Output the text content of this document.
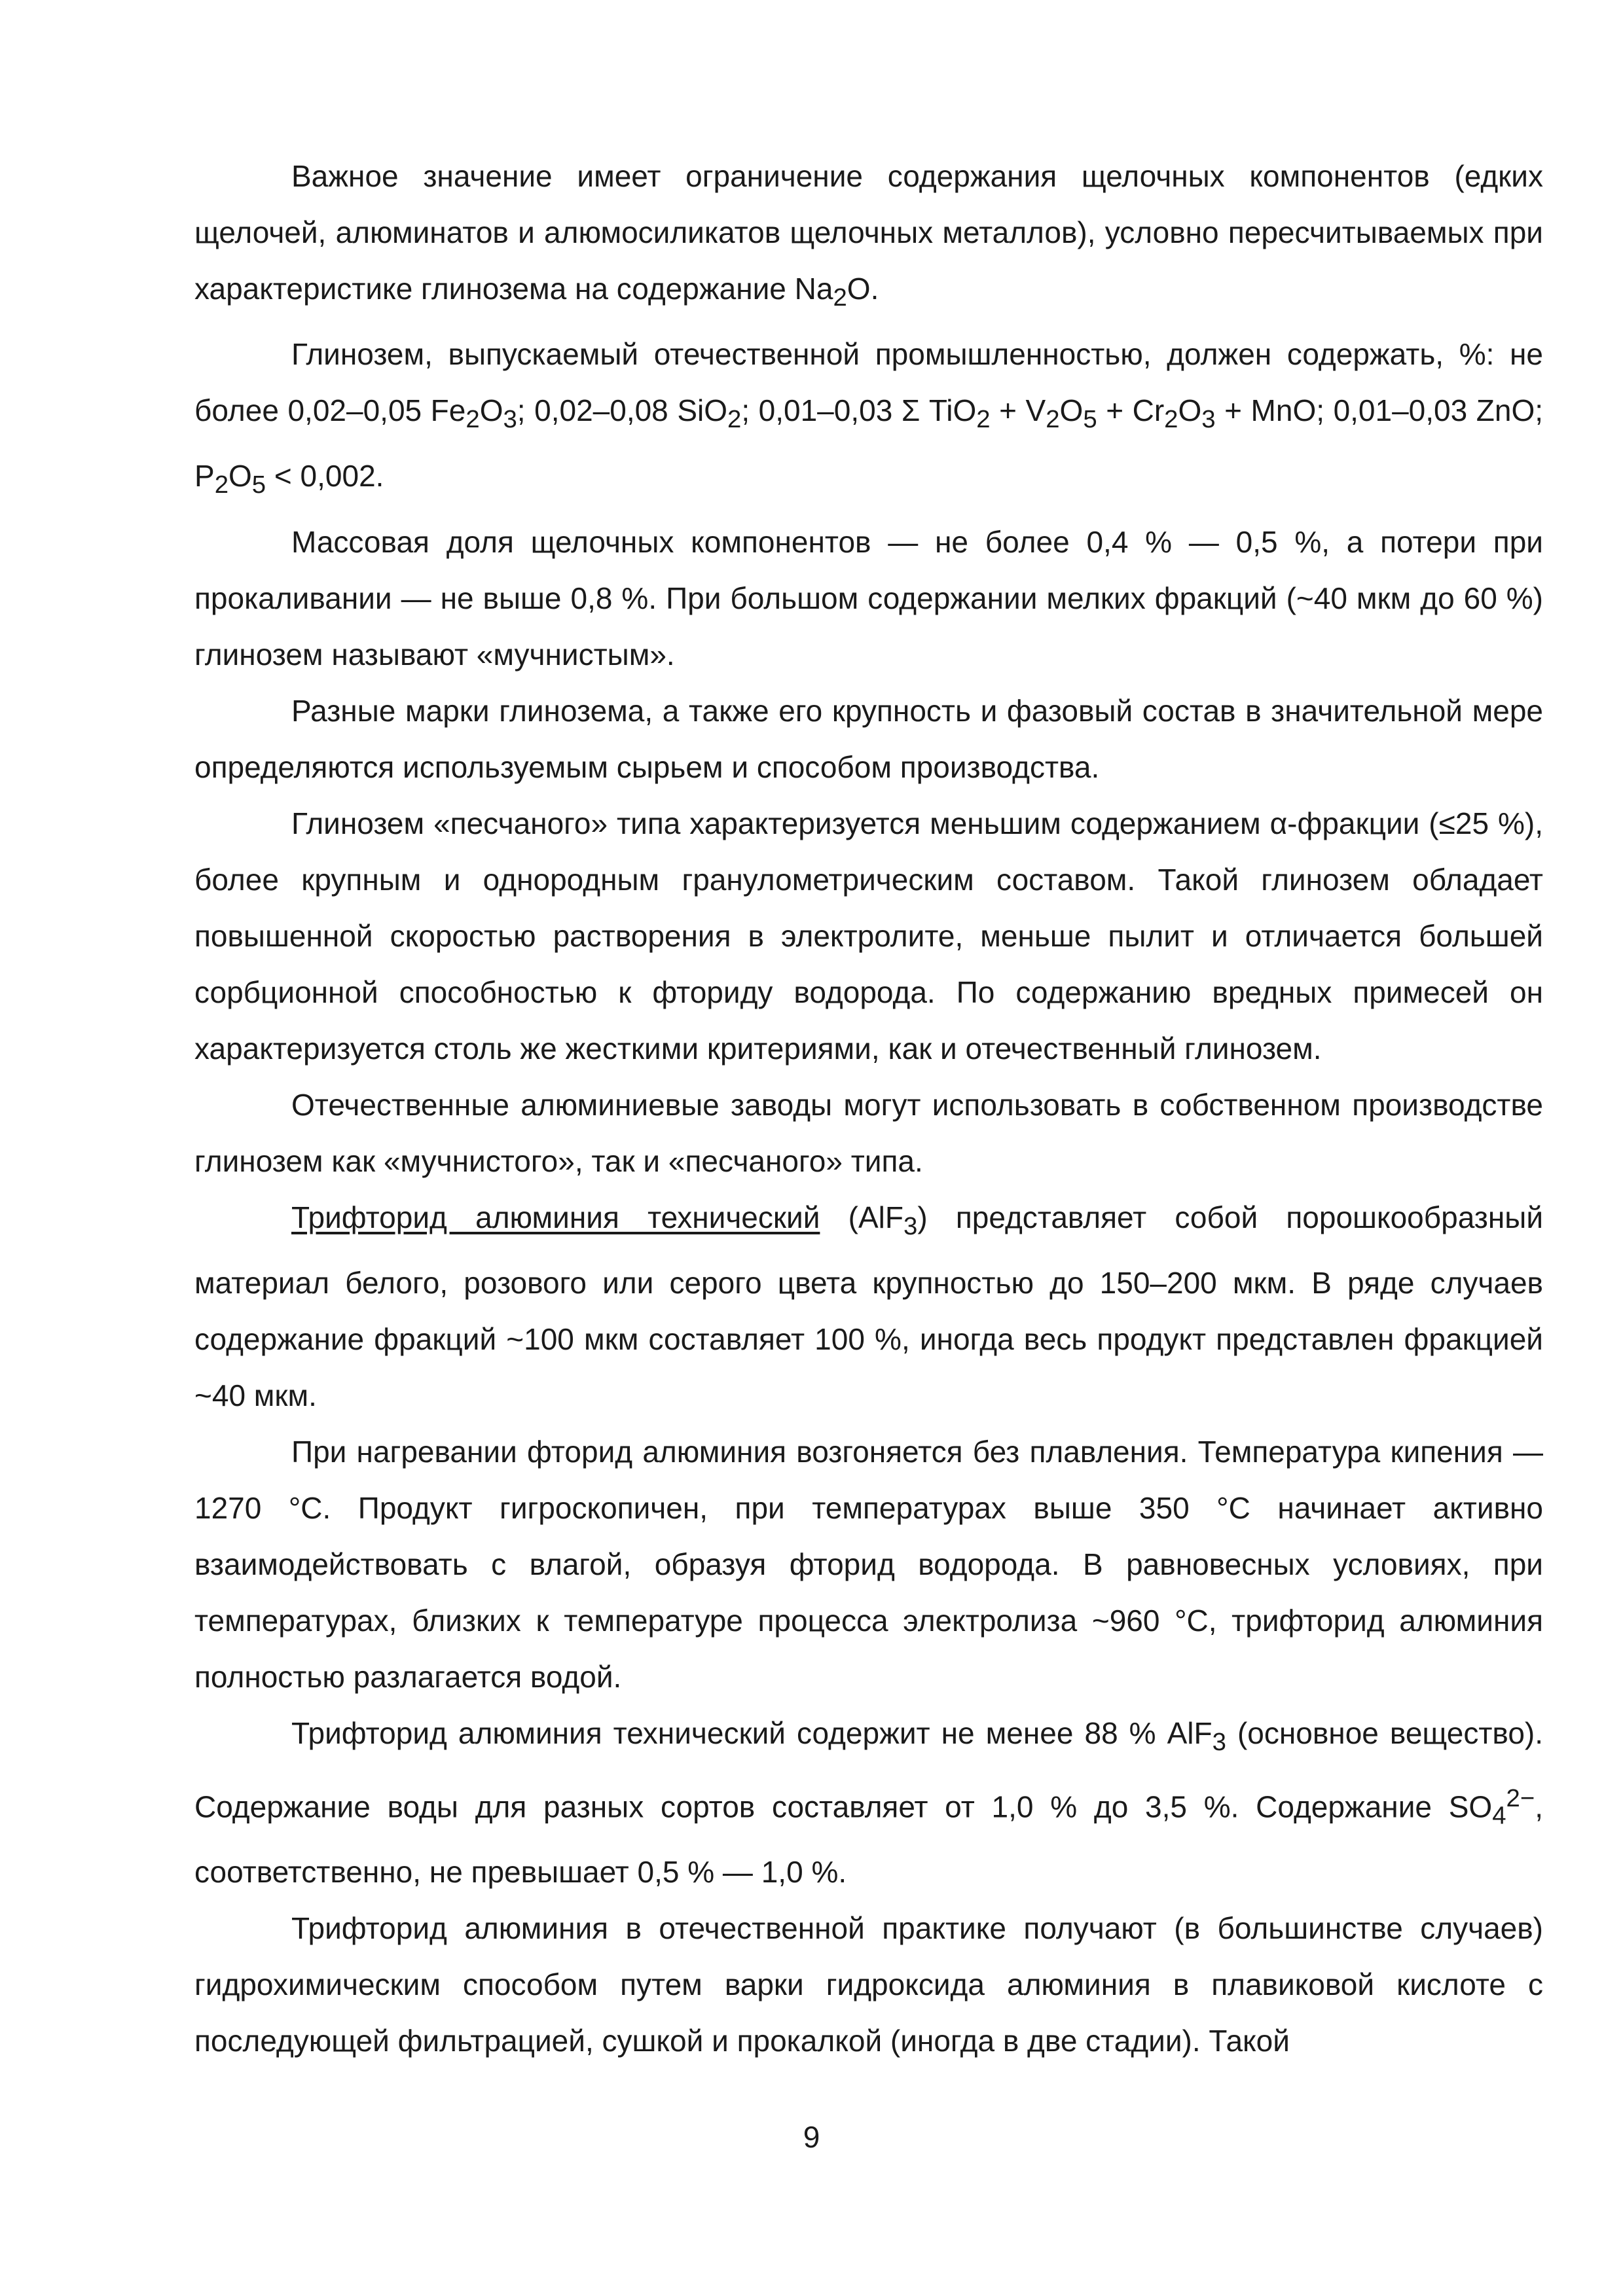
Важное значение имеет ограничение содержания щелочных компонентов (едких щелочей, алюминатов и алюмосиликатов щелочных металлов), условно пересчитываемых при характеристике глинозема на содержание $Na_2O$.

Глинозем, выпускаемый отечественной промышленностью, должен содержать, %: не более 0,02–0,05 $Fe_2O_3$; 0,02–0,08 SiO$_2$; 0,01–0,03 Σ $TiO_2 + V_2O_5 + Cr_2O_3$ + MnO; 0,01–0,03 ZnO; $P_2O_5 < 0,002$.

Массовая доля щелочных компонентов — не более 0,4 % — 0,5 %, а потери при прокаливании — не выше 0,8 %. При большом содержании мелких фракций (~40 мкм до 60 %) глинозем называют «мучнистым».

Разные марки глинозема, а также его крупность и фазовый состав в значительной мере определяются используемым сырьем и способом производства.

Глинозем «песчаного» типа характеризуется меньшим содержанием α-фракции (≤25 %), более крупным и однородным гранулометрическим составом. Такой глинозем обладает повышенной скоростью растворения в электролите, меньше пылит и отличается большей сорбционной способностью к фториду водорода. По содержанию вредных примесей он характеризуется столь же жесткими критериями, как и отечественный глинозем.

Отечественные алюминиевые заводы могут использовать в собственном производстве глинозем как «мучнистого», так и «песчаного» типа.

Трифторид алюминия технический (AlF$_3$) представляет собой порошкообразный материал белого, розового или серого цвета крупностью до 150–200 мкм. В ряде случаев содержание фракций ~100 мкм составляет 100 %, иногда весь продукт представлен фракцией ~40 мкм.

При нагревании фторид алюминия возгоняется без плавления. Температура кипения — 1270 °С. Продукт гигроскопичен, при температурах выше 350 °С начинает активно взаимодействовать с влагой, образуя фторид водорода. В равновесных условиях, при температурах, близких к температуре процесса электролиза ~960 °С, трифторид алюминия полностью разлагается водой.

Трифторид алюминия технический содержит не менее 88 % AlF$_3$ (основное вещество). Содержание воды для разных сортов составляет от 1,0 % до 3,5 %. Содержание $SO_4^{2-}$, соответственно, не превышает 0,5 % — 1,0 %.

Трифторид алюминия в отечественной практике получают (в большинстве случаев) гидрохимическим способом путем варки гидроксида алюминия в плавиковой кислоте с последующей фильтрацией, сушкой и прокалкой (иногда в две стадии). Такой

9
